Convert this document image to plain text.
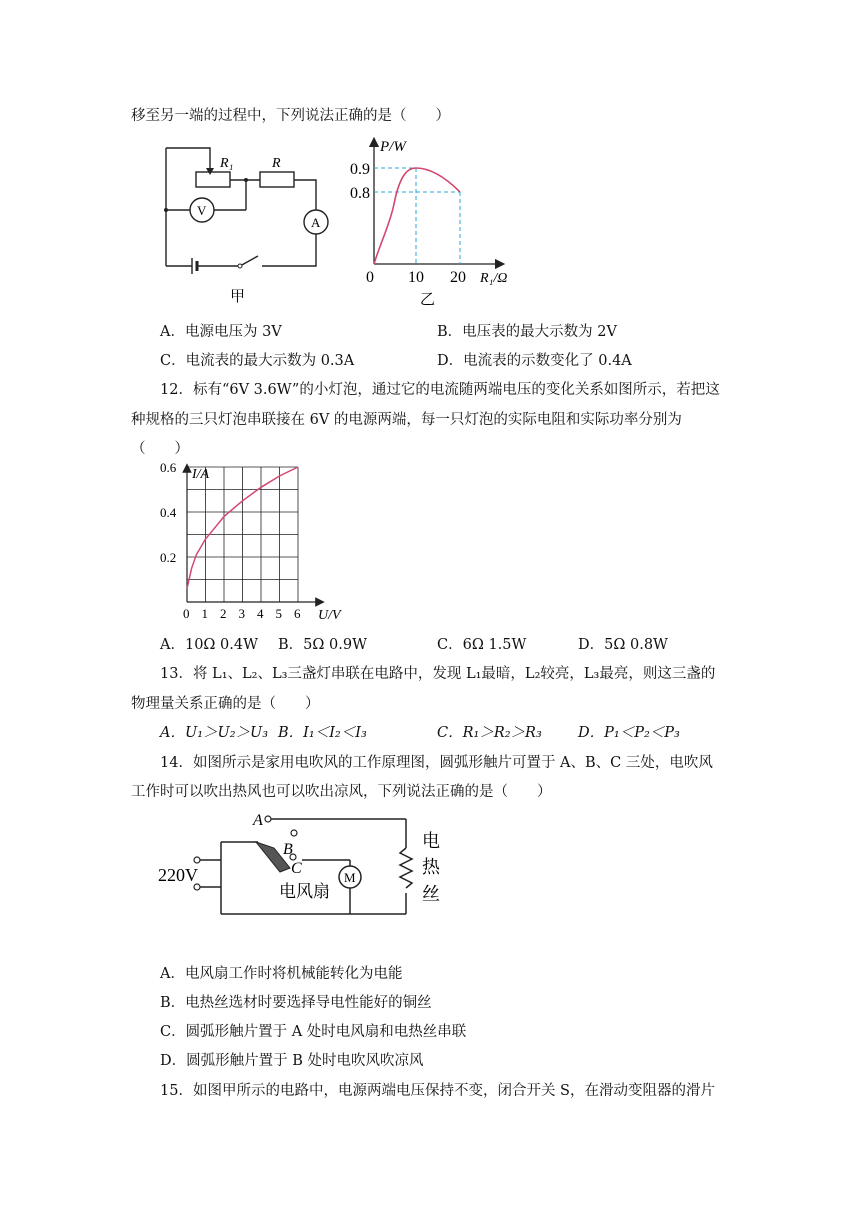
移至另一端的过程中，下列说法正确的是（　　）
R₁	R
V
A
甲
P/W
0.9
0.8
0 10 20 R₁/Ω
乙
A．电源电压为 3V	B．电压表的最大示数为 2V
C．电流表的最大示数为 0.3A	D．电流表的示数变化了 0.4A
12．标有“6V 3.6W”的小灯泡，通过它的电流随两端电压的变化关系如图所示，若把这
种规格的三只灯泡串联接在 6V 的电源两端，每一只灯泡的实际电阻和实际功率分别为
（　　）
0 1 2 3 4 5 6
0.2
0.4
0.6 I/A
U/V
A．10Ω 0.4W B．5Ω 0.9W	C．6Ω 1.5W	D．5Ω 0.8W
13．将 L₁、L₂、L₃三盏灯串联在电路中，发现 L₁最暗，L₂较亮，L₃最亮，则这三盏的
物理量关系正确的是（　　）
A．U₁＞U₂＞U₃ B．I₁＜I₂＜I₃	C．R₁＞R₂＞R₃ D．P₁＜P₂＜P₃
14．如图所示是家用电吹风的工作原理图，圆弧形触片可置于 A、B、C 三处，电吹风
工作时可以吹出热风也可以吹出凉风，下列说法正确的是（　　）
A
B
C
220V
电风扇
M
电
热
丝
A．电风扇工作时将机械能转化为电能
B．电热丝选材时要选择导电性能好的铜丝
C．圆弧形触片置于 A 处时电风扇和电热丝串联
D．圆弧形触片置于 B 处时电吹风吹凉风
15．如图甲所示的电路中，电源两端电压保持不变，闭合开关 S，在滑动变阻器的滑片
